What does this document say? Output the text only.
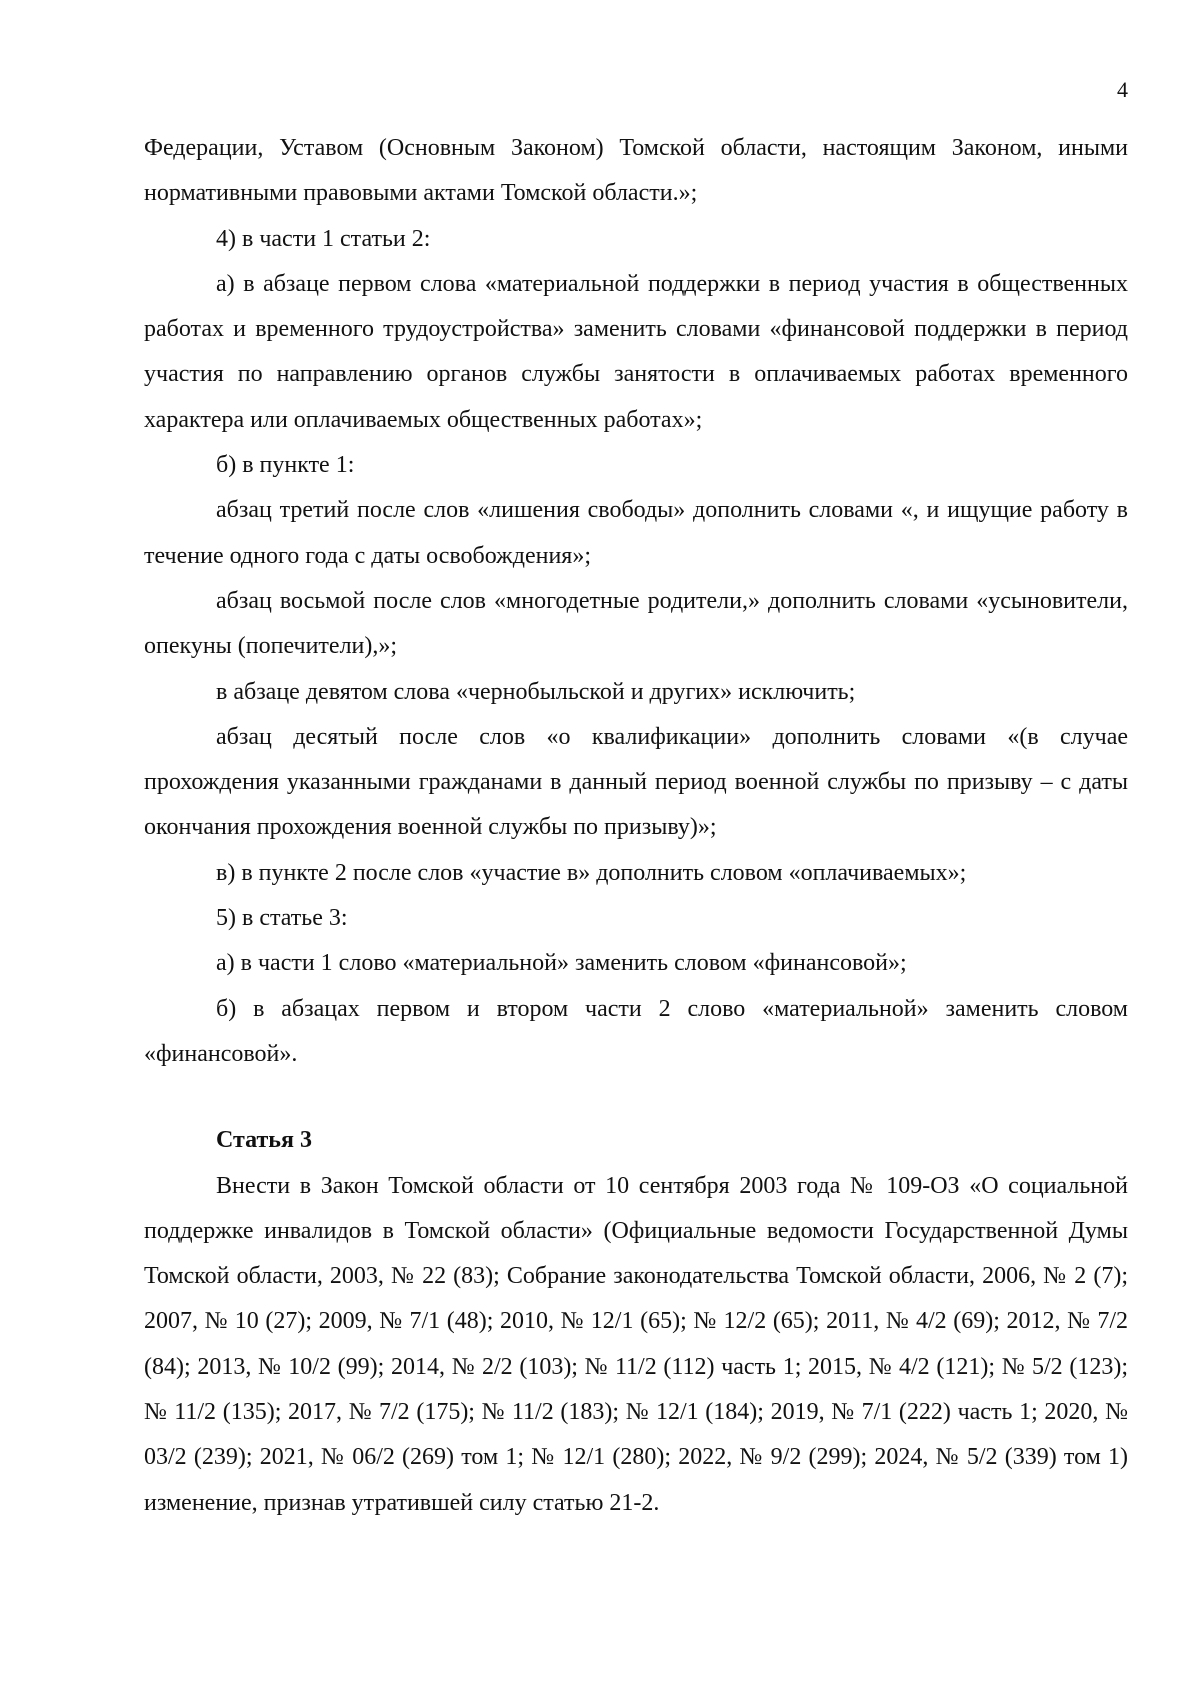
4

Федерации, Уставом (Основным Законом) Томской области, настоящим Законом, иными нормативными правовыми актами Томской области.»;

4) в части 1 статьи 2:

а) в абзаце первом слова «материальной поддержки в период участия в общественных работах и временного трудоустройства» заменить словами «финансовой поддержки в период участия по направлению органов службы занятости в оплачиваемых работах временного характера или оплачиваемых общественных работах»;

б) в пункте 1:

абзац третий после слов «лишения свободы» дополнить словами «, и ищущие работу в течение одного года с даты освобождения»;

абзац восьмой после слов «многодетные родители,» дополнить словами «усыновители, опекуны (попечители),»;

в абзаце девятом слова «чернобыльской и других» исключить;

абзац десятый после слов «о квалификации» дополнить словами «(в случае прохождения указанными гражданами в данный период военной службы по призыву – с даты окончания прохождения военной службы по призыву)»;

в) в пункте 2 после слов «участие в» дополнить словом «оплачиваемых»;

5) в статье 3:

а) в части 1 слово «материальной» заменить словом «финансовой»;

б) в абзацах первом и втором части 2 слово «материальной» заменить словом «финансовой».

Статья 3

Внести в Закон Томской области от 10 сентября 2003 года № 109-ОЗ «О социальной поддержке инвалидов в Томской области» (Официальные ведомости Государственной Думы Томской области, 2003, № 22 (83); Собрание законодательства Томской области, 2006, № 2 (7); 2007, № 10 (27); 2009, № 7/1 (48); 2010, № 12/1 (65); № 12/2 (65); 2011, № 4/2 (69); 2012, № 7/2 (84); 2013, № 10/2 (99); 2014, № 2/2 (103); № 11/2 (112) часть 1; 2015, № 4/2 (121); № 5/2 (123); № 11/2 (135); 2017, № 7/2 (175); № 11/2 (183); № 12/1 (184); 2019, № 7/1 (222) часть 1; 2020, № 03/2 (239); 2021, № 06/2 (269) том 1; № 12/1 (280); 2022, № 9/2 (299); 2024, № 5/2 (339) том 1) изменение, признав утратившей силу статью 21-2.
